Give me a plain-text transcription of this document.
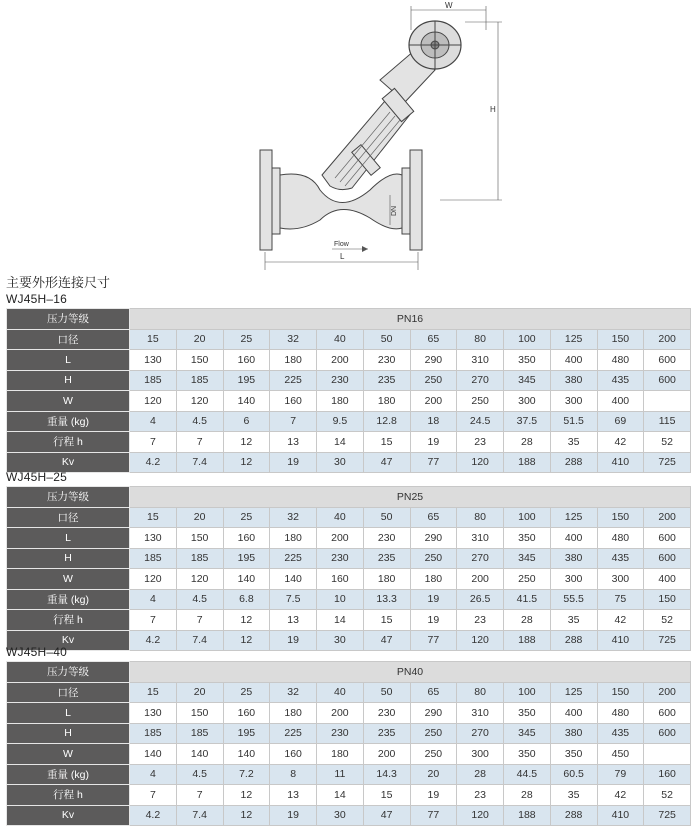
W
H
DN
Flow
L
主要外形连接尺寸
WJ45H–16
压力等级	PN16											
口径	15	20	25	32	40	50	65	80	100	125	150	200
L	130	150	160	180	200	230	290	310	350	400	480	600
H	185	185	195	225	230	235	250	270	345	380	435	600
W	120	120	140	160	180	180	200	250	300	300	400	
重量 (kg)	4	4.5	6	7	9.5	12.8	18	24.5	37.5	51.5	69	115
行程 h	7	7	12	13	14	15	19	23	28	35	42	52
Kv	4.2	7.4	12	19	30	47	77	120	188	288	410	725
WJ45H–25
压力等级	PN25											
口径	15	20	25	32	40	50	65	80	100	125	150	200
L	130	150	160	180	200	230	290	310	350	400	480	600
H	185	185	195	225	230	235	250	270	345	380	435	600
W	120	120	140	140	160	180	180	200	250	300	300	400
重量 (kg)	4	4.5	6.8	7.5	10	13.3	19	26.5	41.5	55.5	75	150
行程 h	7	7	12	13	14	15	19	23	28	35	42	52
Kv	4.2	7.4	12	19	30	47	77	120	188	288	410	725
WJ45H–40
压力等级	PN40											
口径	15	20	25	32	40	50	65	80	100	125	150	200
L	130	150	160	180	200	230	290	310	350	400	480	600
H	185	185	195	225	230	235	250	270	345	380	435	600
W	140	140	140	160	180	200	250	300	350	350	450	
重量 (kg)	4	4.5	7.2	8	11	14.3	20	28	44.5	60.5	79	160
行程 h	7	7	12	13	14	15	19	23	28	35	42	52
Kv	4.2	7.4	12	19	30	47	77	120	188	288	410	725
